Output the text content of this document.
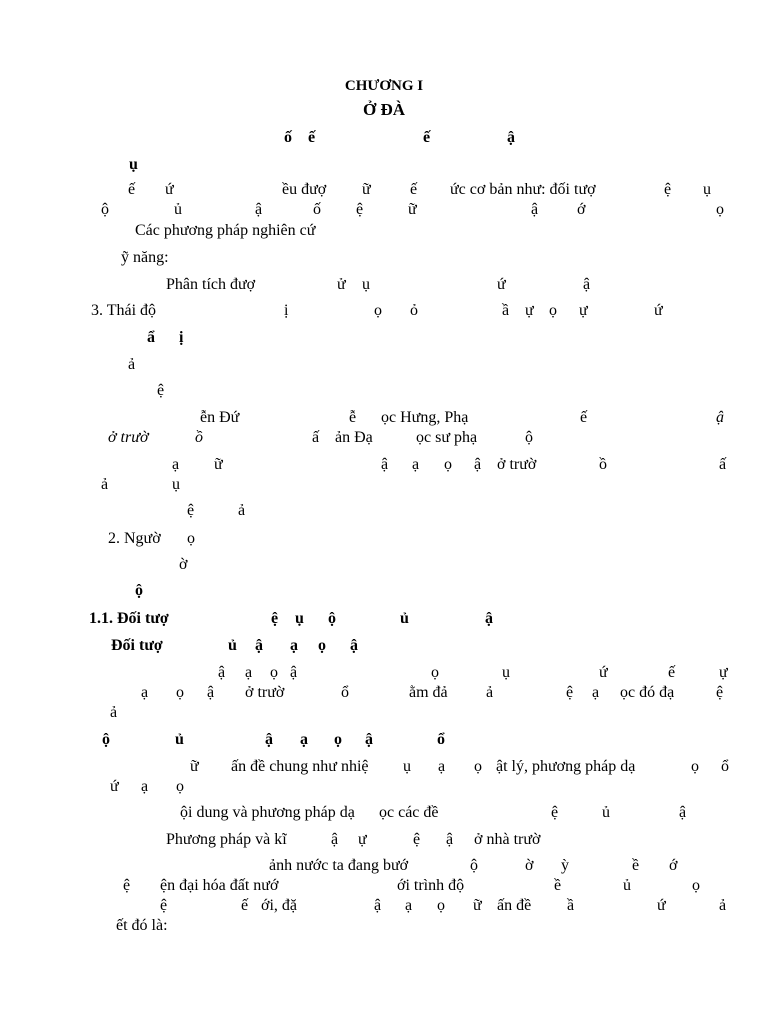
CHƯƠNG I
Ở ĐÀ
ố ế	ế	ậ
ụ
ế ứ	ều đượ ữ ế ức cơ bản như: đối tượ	ệ ụ
ộ	ủ	ậ	ố ệ	ữ	ậ ớ	ọ
Các phương pháp nghiên cứ
ỹ năng:
Phân tích đượ	ử ụ	ứ	ậ
3. Thái độ	ị	ọ ỏ	ầ ự ọ ự	ứ
ẩ ị
ả
ệ
ễn Đứ	ễ ọc Hưng, Phạ	ế	ậ
ở trườ	ồ	ấ ản Đạ	ọc sư phạ	ộ
ạ ữ	ậ ạ ọ ậ ở trườ	ồ	ấ
ả	ụ
ệ	ả
2. Ngườ ọ
ờ
ộ
1.1. Đối tượ	ệ ụ ộ	ủ	ậ
Đối tượ	ủ ậ ạ ọ ậ
ậ ạ ọ ậ	ọ	ụ	ứ	ế	ự
ạ ọ ậ ở trườ	ổ	ằm đả ả	ệ ạ ọc đó đạ	ệ
ả
ộ	ủ	ậ ạ ọ ậ	ổ
ữ ấn đề chung như nhiệ ụ ạ ọ ật lý, phương pháp dạ	ọ ổ
ứ ạ ọ
ội dung và phương pháp dạ ọc các đề	ệ	ủ	ậ
Phương pháp và kĩ	ậ ự	ệ ậ ở nhà trườ
ảnh nước ta đang bướ	ộ	ờ ỳ	ề ớ
ệ ện đại hóa đất nướ	ới trình độ	ề	ủ	ọ
ệ	ế ới, đặ	ậ ạ ọ ữ ấn đề ầ	ứ	ả
ết đó là:
